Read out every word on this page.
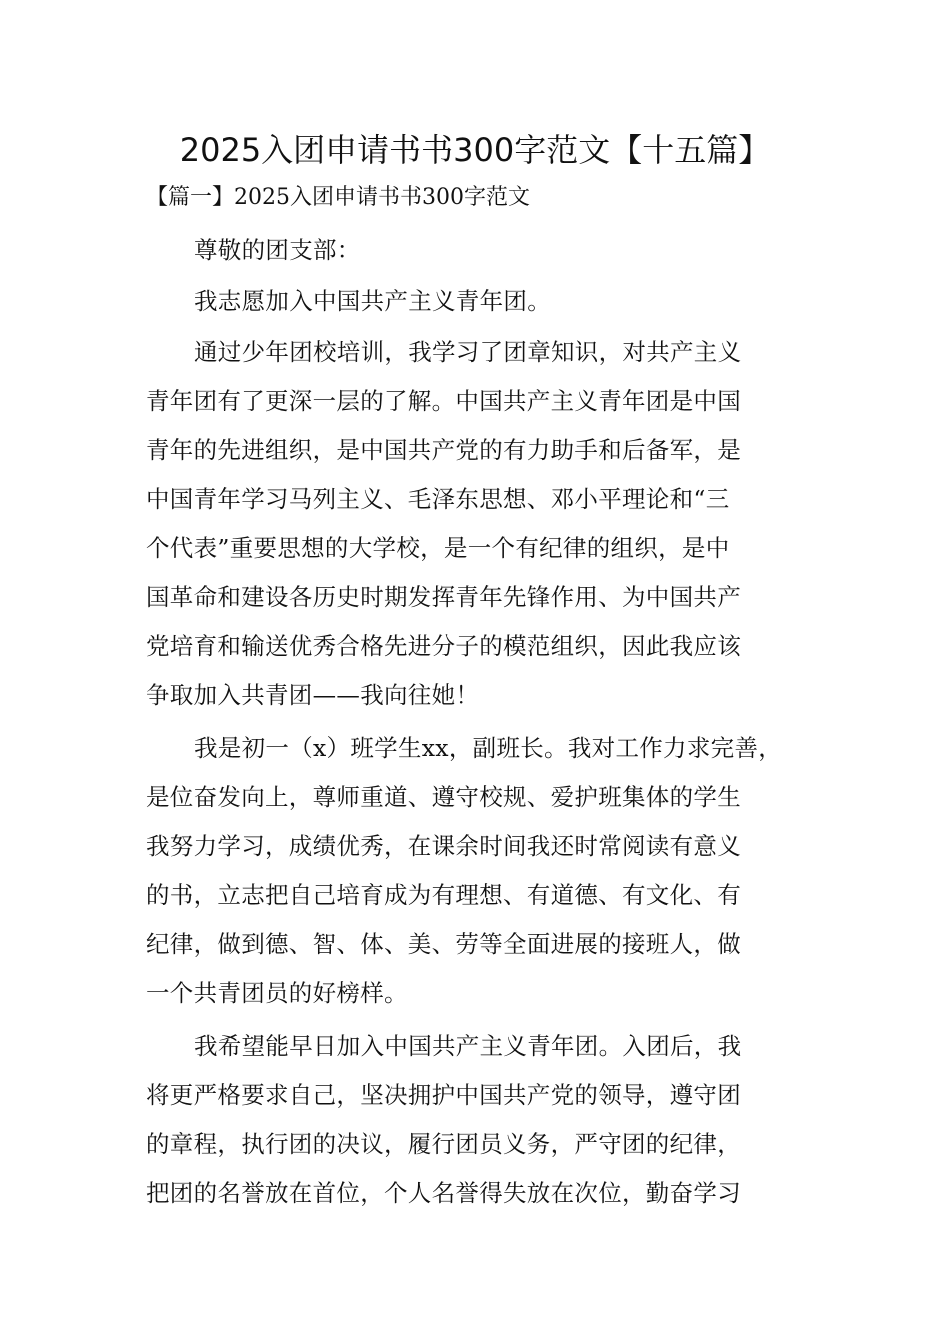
2025入团申请书书300字范文【十五篇】
【篇一】2025入团申请书书300字范文

尊敬的团支部：

我志愿加入中国共产主义青年团。

通过少年团校培训，我学习了团章知识，对共产主义

青年团有了更深一层的了解。中国共产主义青年团是中国

青年的先进组织，是中国共产党的有力助手和后备军，是

中国青年学习马列主义、毛泽东思想、邓小平理论和“三

个代表”重要思想的大学校，是一个有纪律的组织，是中

国革命和建设各历史时期发挥青年先锋作用、为中国共产

党培育和输送优秀合格先进分子的模范组织，因此我应该

争取加入共青团——我向往她！

我是初一（x）班学生xx，副班长。我对工作力求完善，

是位奋发向上，尊师重道、遵守校规、爱护班集体的学生

我努力学习，成绩优秀，在课余时间我还时常阅读有意义

的书，立志把自己培育成为有理想、有道德、有文化、有

纪律，做到德、智、体、美、劳等全面进展的接班人，做

一个共青团员的好榜样。

我希望能早日加入中国共产主义青年团。入团后，我

将更严格要求自己，坚决拥护中国共产党的领导，遵守团

的章程，执行团的决议，履行团员义务，严守团的纪律，

把团的名誉放在首位，个人名誉得失放在次位，勤奋学习
